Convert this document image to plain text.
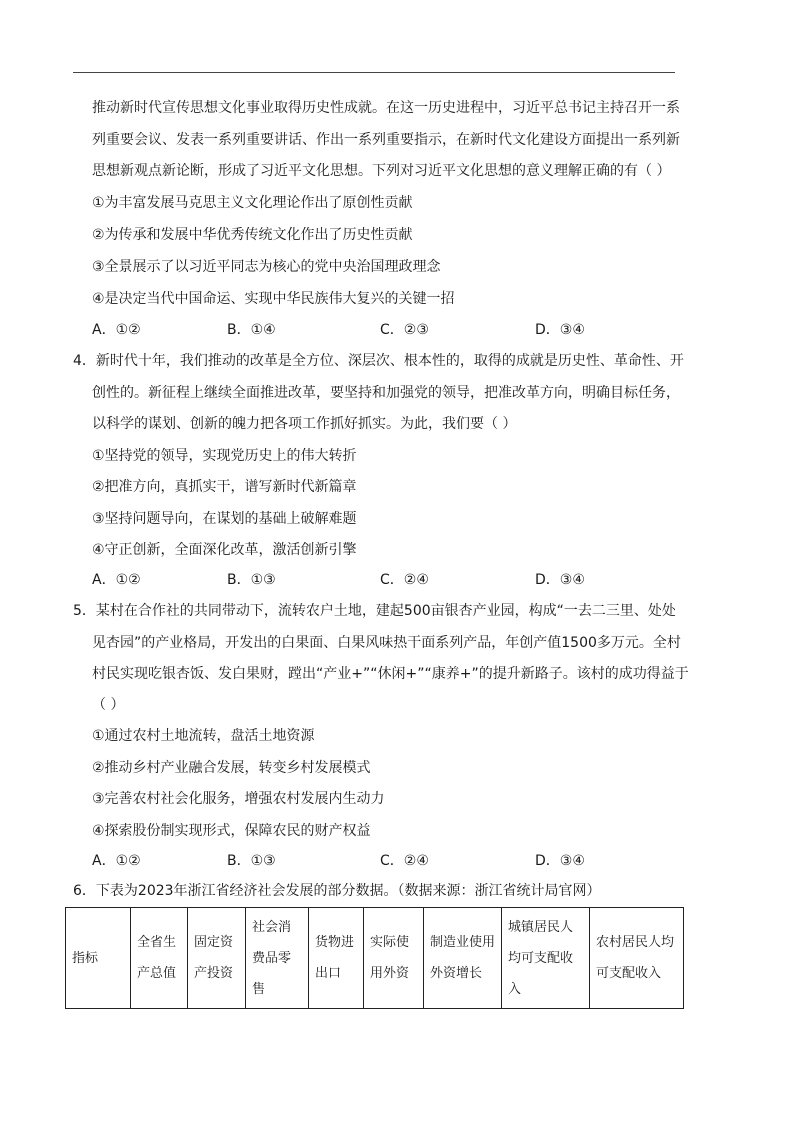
推动新时代宣传思想文化事业取得历史性成就。在这一历史进程中，习近平总书记主持召开一系
列重要会议、发表一系列重要讲话、作出一系列重要指示，在新时代文化建设方面提出一系列新
思想新观点新论断，形成了习近平文化思想。下列对习近平文化思想的意义理解正确的有（ ）
①为丰富发展马克思主义文化理论作出了原创性贡献
②为传承和发展中华优秀传统文化作出了历史性贡献
③全景展示了以习近平同志为核心的党中央治国理政理念
④是决定当代中国命运、实现中华民族伟大复兴的关键一招
A．①②	B．①④	C．②③	D．③④
4．新时代十年，我们推动的改革是全方位、深层次、根本性的，取得的成就是历史性、革命性、开
创性的。新征程上继续全面推进改革，要坚持和加强党的领导，把准改革方向，明确目标任务，
以科学的谋划、创新的魄力把各项工作抓好抓实。为此，我们要（ ）
①坚持党的领导，实现党历史上的伟大转折
②把准方向，真抓实干，谱写新时代新篇章
③坚持问题导向，在谋划的基础上破解难题
④守正创新，全面深化改革，激活创新引擎
A．①②	B．①③	C．②④	D．③④
5．某村在合作社的共同带动下，流转农户土地，建起500亩银杏产业园，构成“一去二三里、处处
见杏园”的产业格局，开发出的白果面、白果风味热干面系列产品，年创产值1500多万元。全村
村民实现吃银杏饭、发白果财，蹚出“产业+”“休闲+”“康养+”的提升新路子。该村的成功得益于
（ ）
①通过农村土地流转，盘活土地资源
②推动乡村产业融合发展，转变乡村发展模式
③完善农村社会化服务，增强农村发展内生动力
④探索股份制实现形式，保障农民的财产权益
A．①②	B．①③	C．②④	D．③④
6．下表为2023年浙江省经济社会发展的部分数据。（数据来源：浙江省统计局官网）
指标	全省生产总值	固定资产投资	社会消费品零售	货物进出口	实际使用外资	制造业使用外资增长	城镇居民人均可支配收入	农村居民人均可支配收入
